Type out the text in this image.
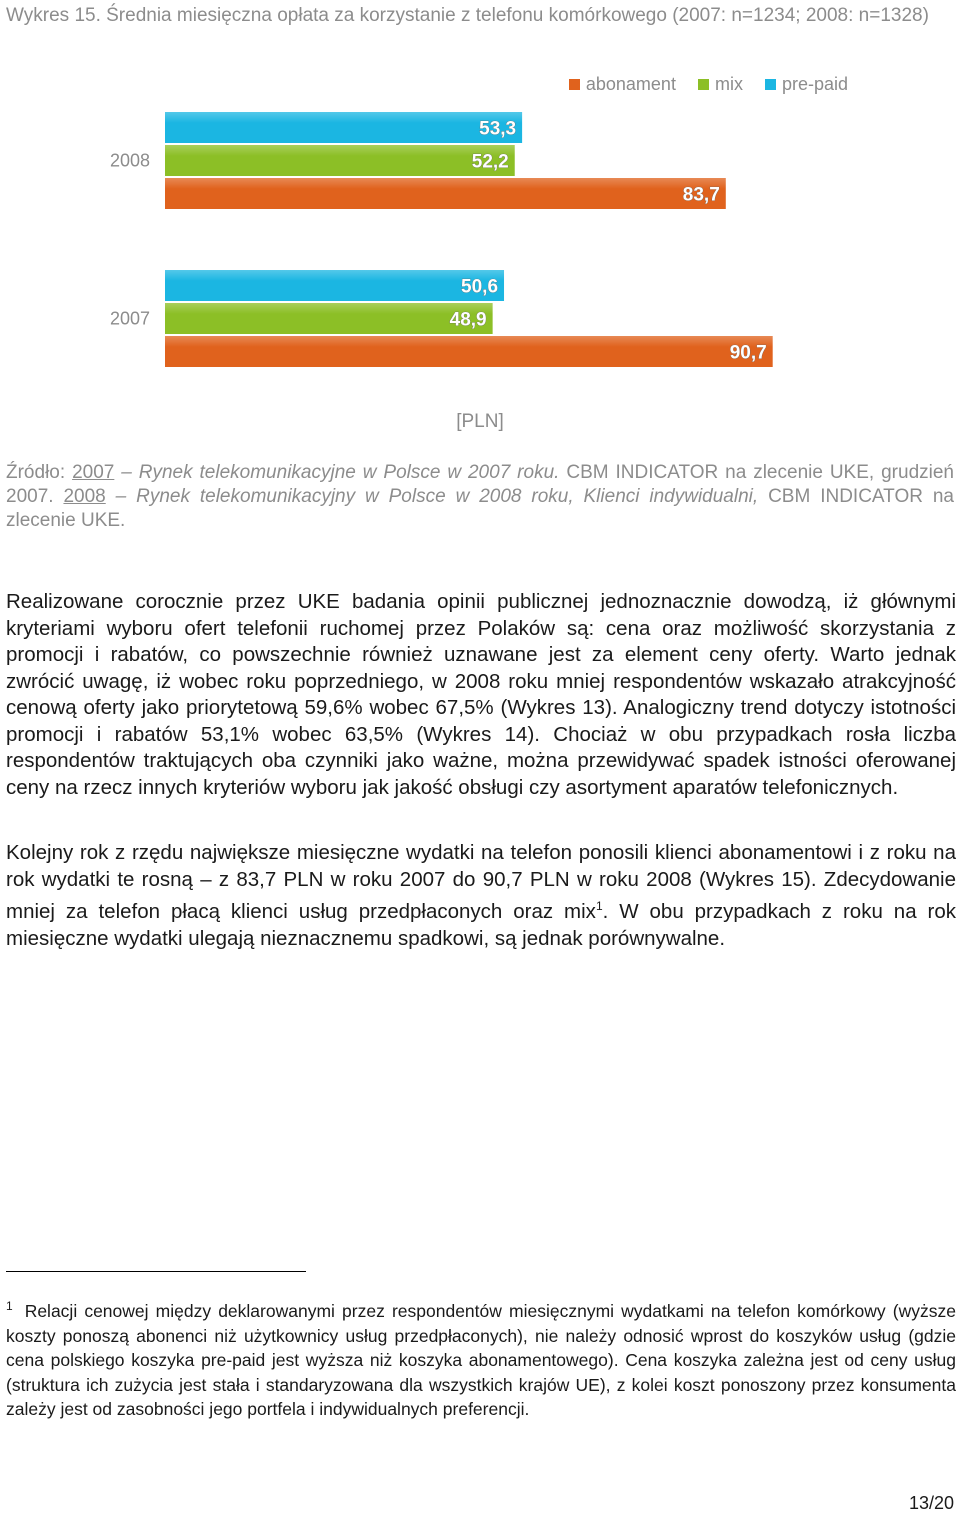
Wykres 15. Średnia miesięczna opłata za korzystanie z telefonu komórkowego (2007: n=1234; 2008: n=1328)
abonament mix pre-paid
2008
53,3
52,2
83,7
2007
50,6
48,9
90,7
[PLN]
Źródło: 2007 – Rynek telekomunikacyjne w Polsce w 2007 roku. CBM INDICATOR na zlecenie UKE, grudzień 2007. 2008 – Rynek telekomunikacyjny w Polsce w 2008 roku, Klienci indywidualni, CBM INDICATOR na zlecenie UKE.

Realizowane corocznie przez UKE badania opinii publicznej jednoznacznie dowodzą, iż głównymi kryteriami wyboru ofert telefonii ruchomej przez Polaków są: cena oraz możliwość skorzystania z promocji i rabatów, co powszechnie również uznawane jest za element ceny oferty. Warto jednak zwrócić uwagę, iż wobec roku poprzedniego, w 2008 roku mniej respondentów wskazało atrakcyjność cenową oferty jako priorytetową 59,6% wobec 67,5% (Wykres 13). Analogiczny trend dotyczy istotności promocji i rabatów 53,1% wobec 63,5% (Wykres 14). Chociaż w obu przypadkach rosła liczba respondentów traktujących oba czynniki jako ważne, można przewidywać spadek istności oferowanej ceny na rzecz innych kryteriów wyboru jak jakość obsługi czy asortyment aparatów telefonicznych.

Kolejny rok z rzędu największe miesięczne wydatki na telefon ponosili klienci abonamentowi i z roku na rok wydatki te rosną – z 83,7 PLN w roku 2007 do 90,7 PLN w roku 2008 (Wykres 15). Zdecydowanie mniej za telefon płacą klienci usług przedpłaconych oraz mix$^1$. W obu przypadkach z roku na rok miesięczne wydatki ulegają nieznacznemu spadkowi, są jednak porównywalne.

$^1$ Relacji cenowej między deklarowanymi przez respondentów miesięcznymi wydatkami na telefon komórkowy (wyższe koszty ponoszą abonenci niż użytkownicy usług przedpłaconych), nie należy odnosić wprost do koszyków usług (gdzie cena polskiego koszyka pre-paid jest wyższa niż koszyka abonamentowego). Cena koszyka zależna jest od ceny usług (struktura ich zużycia jest stała i standaryzowana dla wszystkich krajów UE), z kolei koszt ponoszony przez konsumenta zależy jest od zasobności jego portfela i indywidualnych preferencji.
13/20
